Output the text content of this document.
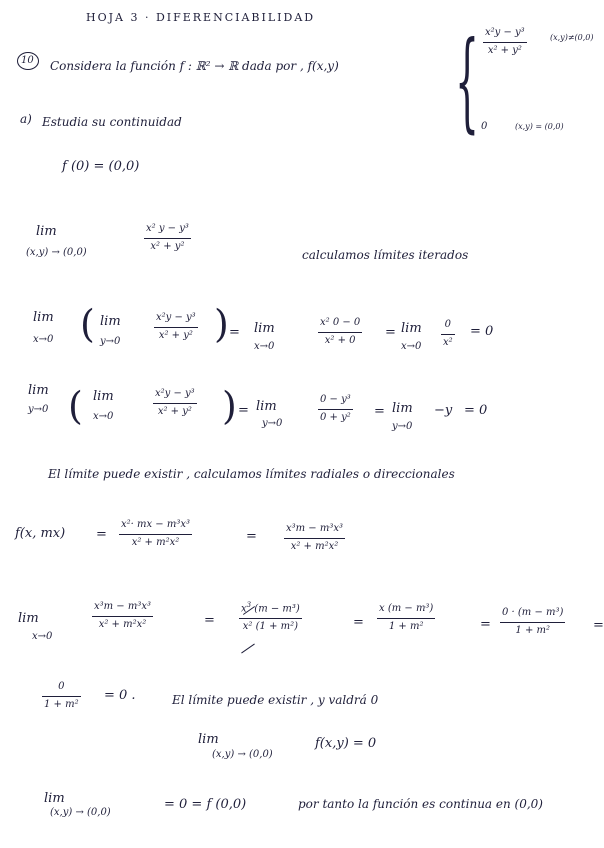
HOJA 3 · DIFERENCIABILIDAD
10 Considera la función f : ℝ² → ℝ dada por , f(x,y) { x²y − y³
x² + y²
(x,y)≠(0,0)
0	(x,y) = (0,0)
a) Estudia su continuidad
f (0) = (0,0)
lim
(x,y) → (0,0)
x² y − y³
x² + y²
calculamos límites iterados
lim
x→0 ( lim
y→0
x²y − y³
x² + y² ) = lim
x→0
x² 0 − 0
x² + 0 = lim
x→0
0
x²
= 0
lim
y→0 ( lim
x→0
x²y − y³
x² + y² ) = lim
y→0
0 − y³
0 + y² = lim
y→0
−y = 0
El límite puede existir , calculamos límites radiales o direccionales
f(x, mx) =
x²· mx − m³x³
x² + m²x²	=
x³m − m³x³
x² + m²x²
lim
x→0
x³m − m³x³
x² + m²x²	=
$x^3$ (m − m³)
x² (1 + m²)	=
x (m − m³)
1 + m²	=
0 · (m − m³)
1 + m²	=
0
1 + m²
= 0 .	El límite puede existir , y valdrá 0
lim
(x,y) → (0,0)
f(x,y) = 0
lim
(x,y) → (0,0)
= 0 = f (0,0)	por tanto la función es continua en (0,0)
